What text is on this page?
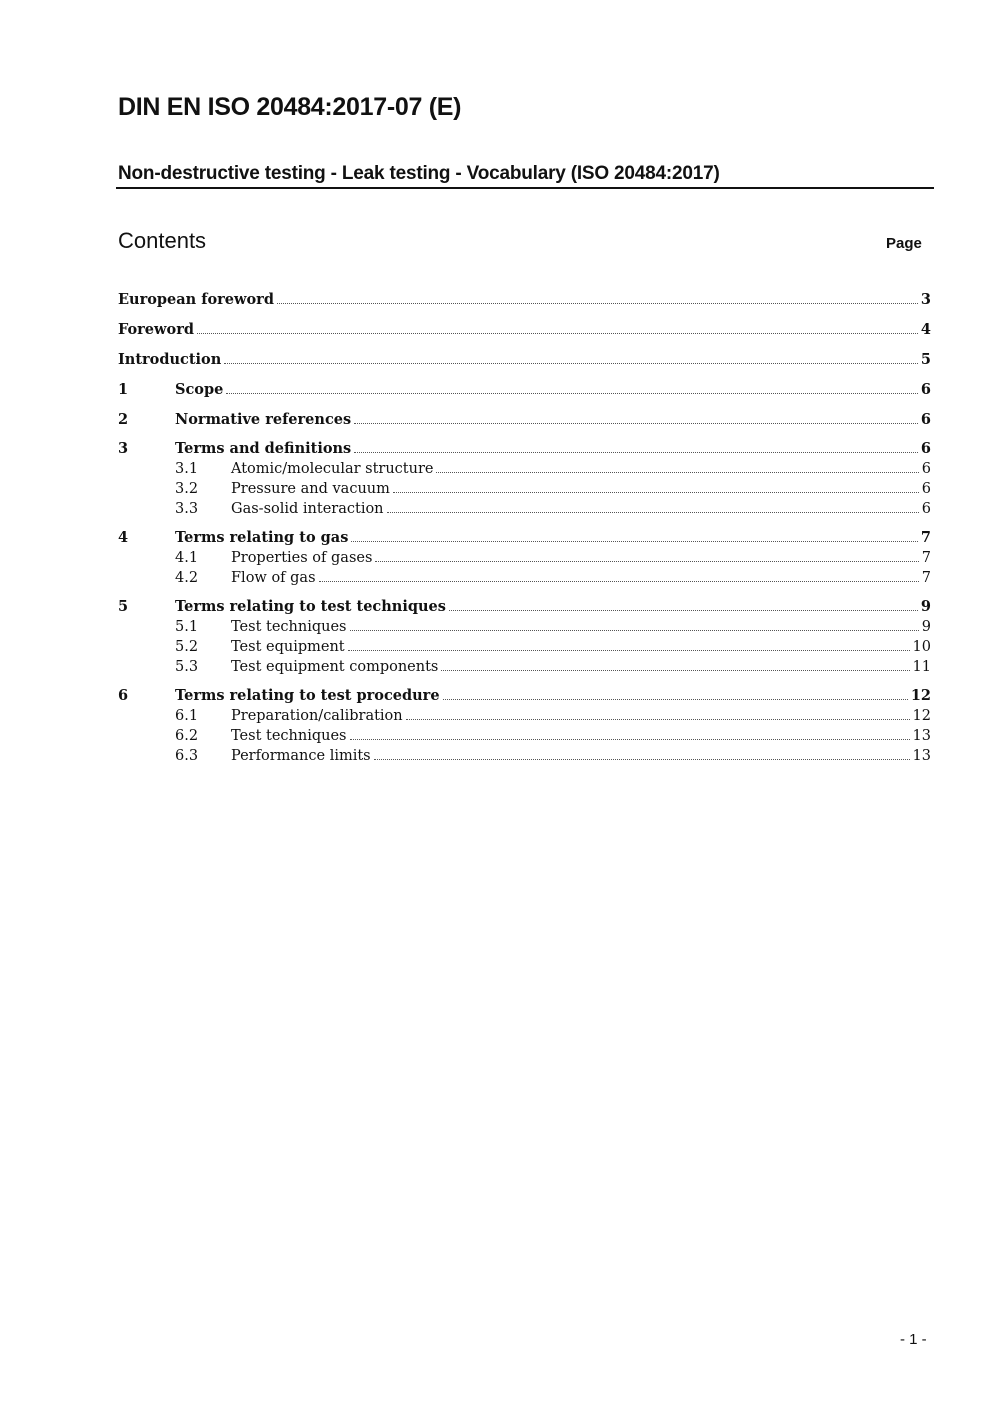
DIN EN ISO 20484:2017-07 (E)
Non-destructive testing - Leak testing - Vocabulary (ISO 20484:2017)
Contents	Page
European foreword	3
Foreword	4
Introduction	5
1	Scope	6
2	Normative references	6
3	Terms and definitions	6
3.1	Atomic/molecular structure	6
3.2	Pressure and vacuum	6
3.3	Gas-solid interaction	6
4	Terms relating to gas	7
4.1	Properties of gases	7
4.2	Flow of gas	7
5	Terms relating to test techniques	9
5.1	Test techniques	9
5.2	Test equipment	10
5.3	Test equipment components	11
6	Terms relating to test procedure	12
6.1	Preparation/calibration	12
6.2	Test techniques	13
6.3	Performance limits	13
- 1 -
